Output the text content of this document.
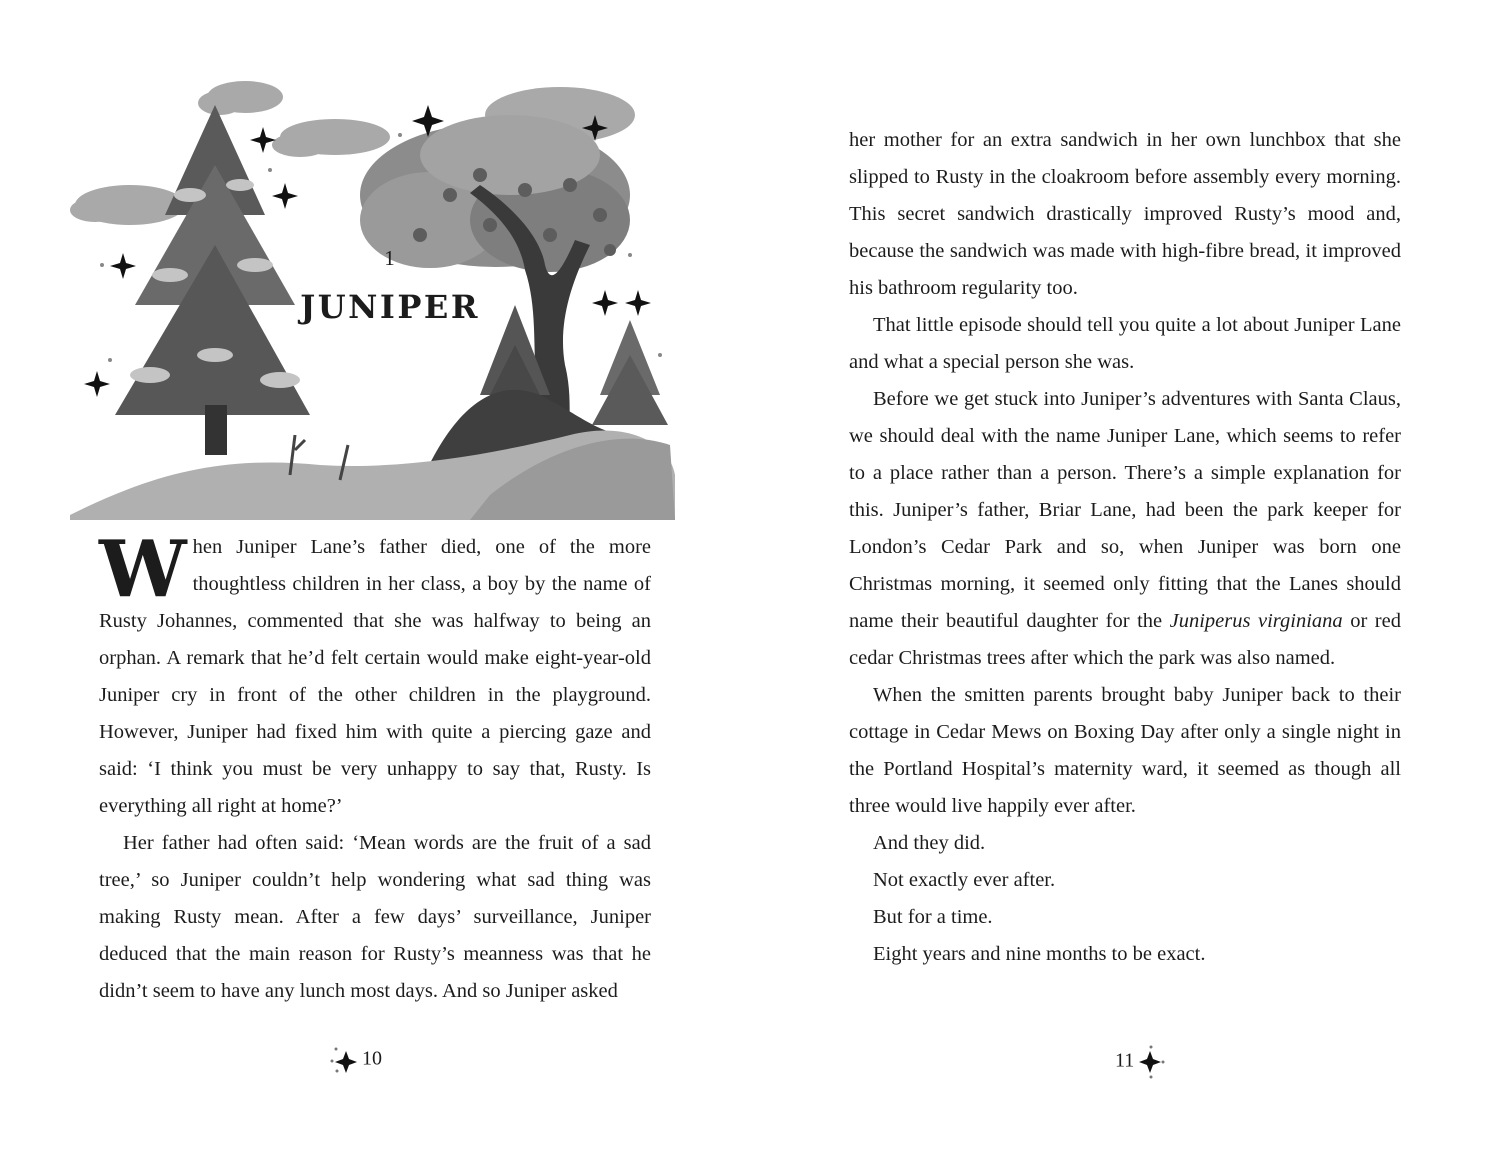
1
JUNIPER

W hen Juniper Lane’s father died, one of the more thoughtless children in her class, a boy by the name of Rusty Johannes, commented that she was halfway to being an orphan. A remark that he’d felt certain would make eight-year-old Juniper cry in front of the other children in the playground. However, Juniper had fixed him with quite a piercing gaze and said: ‘I think you must be very unhappy to say that, Rusty. Is everything all right at home?’

Her father had often said: ‘Mean words are the fruit of a sad tree,’ so Juniper couldn’t help wondering what sad thing was making Rusty mean. After a few days’ surveillance, Juniper deduced that the main reason for Rusty’s meanness was that he didn’t seem to have any lunch most days. And so Juniper asked

10

her mother for an extra sandwich in her own lunchbox that she slipped to Rusty in the cloakroom before assembly every morning. This secret sandwich drastically improved Rusty’s mood and, because the sandwich was made with high-fibre bread, it improved his bathroom regularity too.

That little episode should tell you quite a lot about Juniper Lane and what a special person she was.

Before we get stuck into Juniper’s adventures with Santa Claus, we should deal with the name Juniper Lane, which seems to refer to a place rather than a person. There’s a simple explanation for this. Juniper’s father, Briar Lane, had been the park keeper for London’s Cedar Park and so, when Juniper was born one Christmas morning, it seemed only fitting that the Lanes should name their beautiful daughter for the Juniperus virginiana or red cedar Christmas trees after which the park was also named.

When the smitten parents brought baby Juniper back to their cottage in Cedar Mews on Boxing Day after only a single night in the Portland Hospital’s maternity ward, it seemed as though all three would live happily ever after.

And they did.

Not exactly ever after.

But for a time.

Eight years and nine months to be exact.

11
